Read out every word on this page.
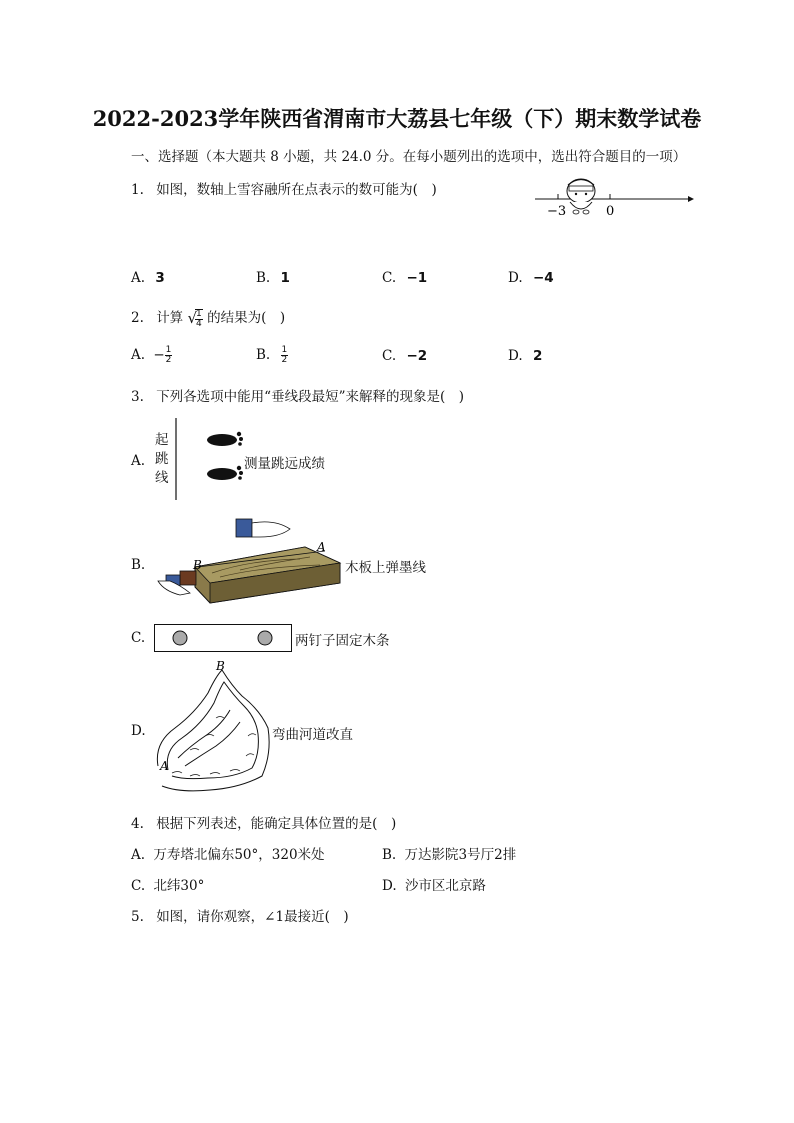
2022-2023学年陕西省渭南市大荔县七年级（下）期末数学试卷
一、选择题（本大题共 8 小题，共 24.0 分。在每小题列出的选项中，选出符合题目的一项）
1. 如图，数轴上雪容融所在点表示的数可能为(　)
−3	0
A. 3	B. 1	C. −1	D. −4
2. 计算 √
$\frac{1}{4}$ 的结果为(　)
A. − $\frac{1}{2}$	B. $\frac{1}{2}$	C. −2	D. 2
3. 下列各选项中能用“垂线段最短”来解释的现象是(　)
A.
起
跳
线
测量跳远成绩
B.	B
A
木板上弹墨线
C.	两钉子固定木条
D.
B
A
弯曲河道改直
4. 根据下列表述，能确定具体位置的是(　)
A. 万寿塔北偏东50°，320米处	B. 万达影院3号厅2排
C. 北纬30°	D. 沙市区北京路
5. 如图，请你观察，∠1最接近(　)
